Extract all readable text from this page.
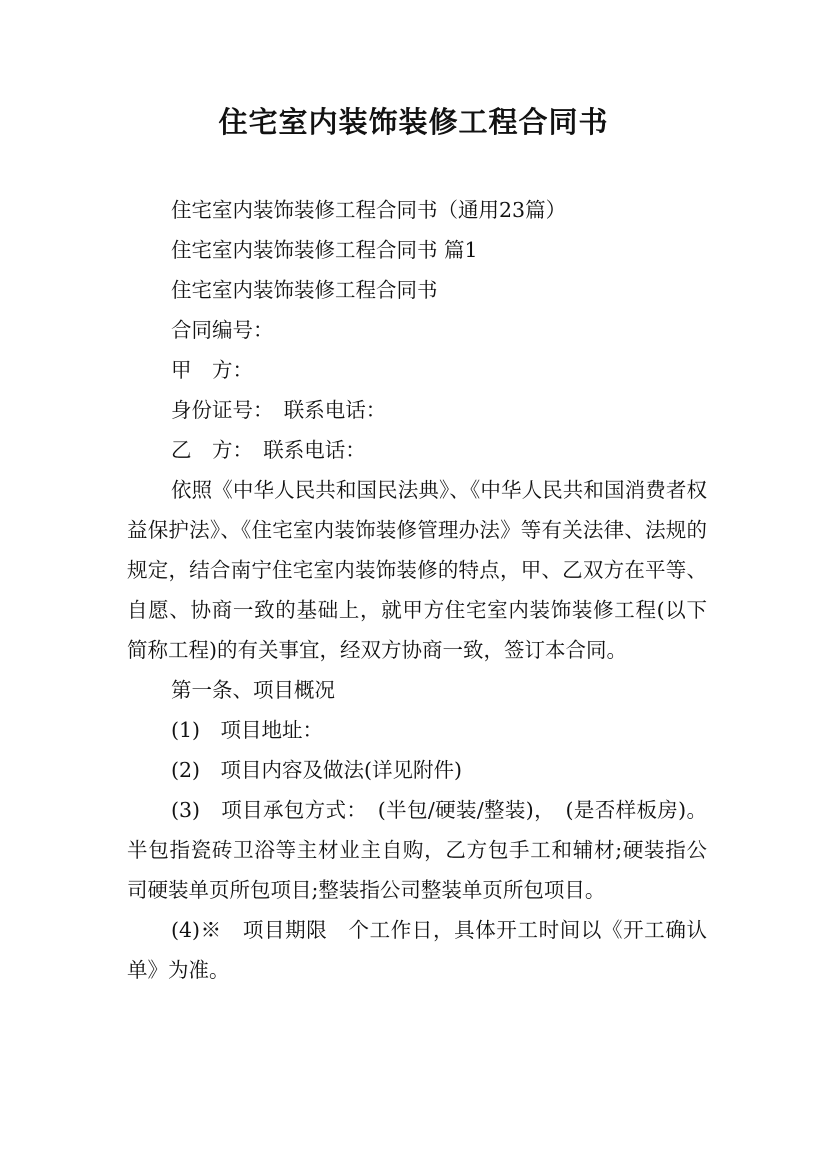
住宅室内装饰装修工程合同书

住宅室内装饰装修工程合同书（通用23篇）

住宅室内装饰装修工程合同书 篇1

住宅室内装饰装修工程合同书

合同编号：

甲　方：

身份证号：　联系电话：

乙　方：　联系电话：

依照《中华人民共和国民法典》、《中华人民共和国消费者权益保护法》、《住宅室内装饰装修管理办法》等有关法律、法规的规定，结合南宁住宅室内装饰装修的特点，甲、乙双方在平等、自愿、协商一致的基础上，就甲方住宅室内装饰装修工程(以下简称工程)的有关事宜，经双方协商一致，签订本合同。

第一条、项目概况

(1)　项目地址：

(2)　项目内容及做法(详见附件)

(3)　项目承包方式：　(半包/硬装/整装)，　(是否样板房)。半包指瓷砖卫浴等主材业主自购，乙方包手工和辅材;硬装指公司硬装单页所包项目;整装指公司整装单页所包项目。

(4)※　项目期限　个工作日，具体开工时间以《开工确认单》为准。
